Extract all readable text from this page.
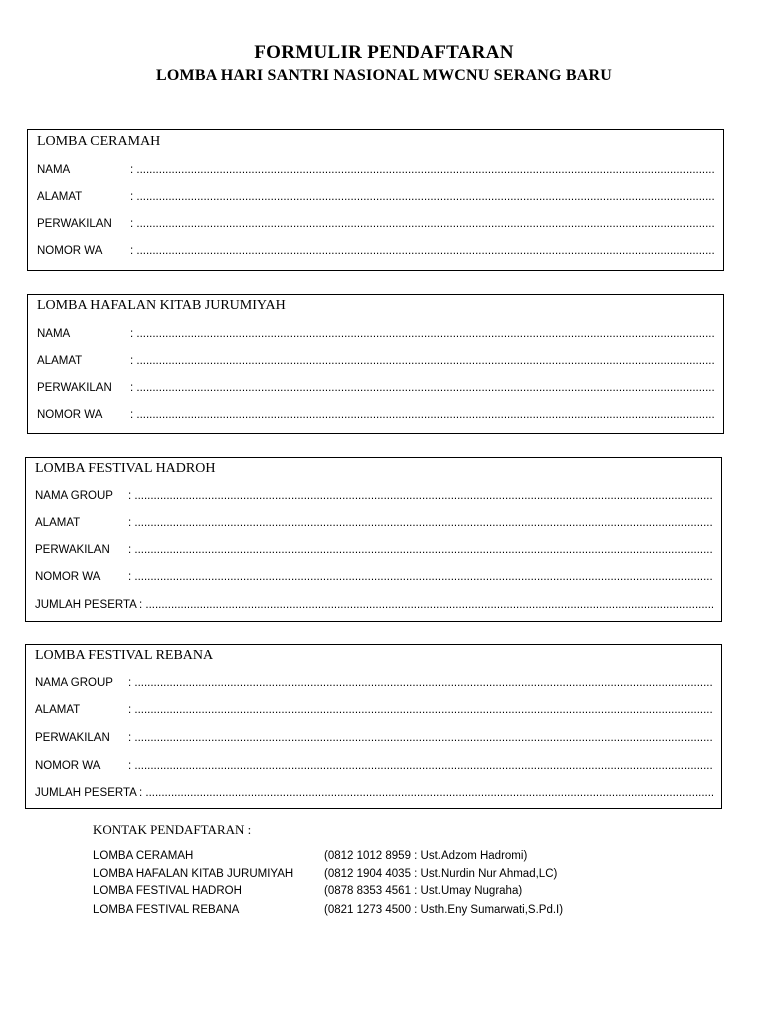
FORMULIR PENDAFTARAN
LOMBA HARI SANTRI NASIONAL MWCNU SERANG BARU
LOMBA CERAMAH
NAMA
: ..............................................................................................................................................................................................................
ALAMAT
: ..............................................................................................................................................................................................................
PERWAKILAN
: ..............................................................................................................................................................................................................
NOMOR WA
: ..............................................................................................................................................................................................................
LOMBA HAFALAN KITAB JURUMIYAH
NAMA
: ..............................................................................................................................................................................................................
ALAMAT
: ..............................................................................................................................................................................................................
PERWAKILAN
: ..............................................................................................................................................................................................................
NOMOR WA
: ..............................................................................................................................................................................................................
LOMBA FESTIVAL HADROH
NAMA GROUP
: ..............................................................................................................................................................................................................
ALAMAT
: ..............................................................................................................................................................................................................
PERWAKILAN
: ..............................................................................................................................................................................................................
NOMOR WA
: ..............................................................................................................................................................................................................
JUMLAH PESERTA
: ..............................................................................................................................................................................................................
LOMBA FESTIVAL REBANA
NAMA GROUP
: ..............................................................................................................................................................................................................
ALAMAT
: ..............................................................................................................................................................................................................
PERWAKILAN
: ..............................................................................................................................................................................................................
NOMOR WA
: ..............................................................................................................................................................................................................
JUMLAH PESERTA
: ..............................................................................................................................................................................................................
KONTAK PENDAFTARAN :
LOMBA CERAMAH	(0812 1012 8959 : Ust.Adzom Hadromi)
LOMBA HAFALAN KITAB JURUMIYAH	(0812 1904 4035 : Ust.Nurdin Nur Ahmad,LC)
LOMBA FESTIVAL HADROH	(0878 8353 4561 : Ust.Umay Nugraha)
LOMBA FESTIVAL REBANA	(0821 1273 4500 : Usth.Eny Sumarwati,S.Pd.I)
